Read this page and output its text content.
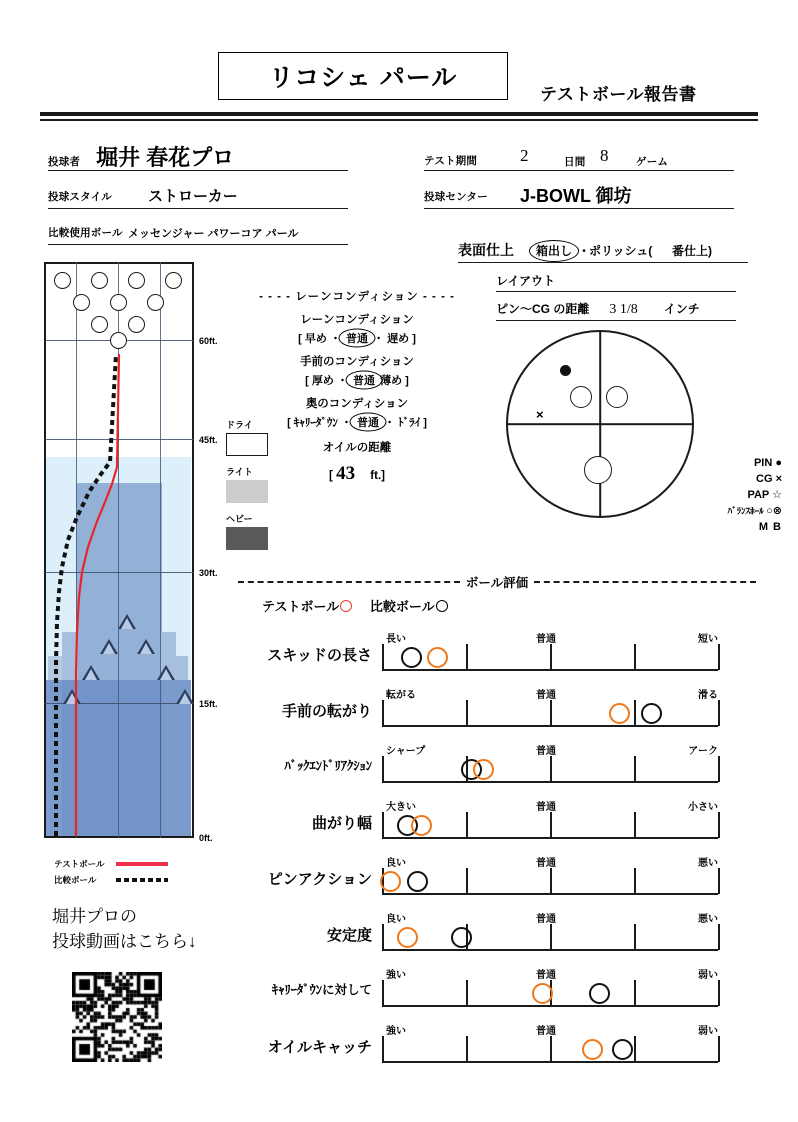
リコシェ パール
テストボール報告書
投球者 堀井 春花プロ
投球スタイル ストローカー
比較使用ボール メッセンジャー パワーコア パール
テスト期間	2	日間 8	ゲーム
投球センター J-BOWL 御坊
表面仕上 箱出し ・
ポリッシュ( 番仕上)
60ft.
45ft.
30ft.
15ft.
0ft.
ドライ
ライト
ヘビー
- - - - レーンコンディション - - - -
レーンコンディション
[ 早め ・ 普通 ・ 遅め ]
手前のコンディション
[ 厚め ・ 普通 薄め ]
奥のコンディション
[ ｷｬﾘｰﾀﾞｳﾝ ・ 普通 ・ ﾄﾞﾗｲ ]
オイルの距離
[ 43 ft.]
レイアウト
ピン～CG の距離 3 1/8 インチ
×
PIN ●
CG ×
PAP ☆
ﾊﾞﾗﾝｽﾎｰﾙ ○⊗
M B
ボール評価
テストボール 比較ボール
スキッドの長さ
長い	普通	短い
手前の転がり
転がる	普通	滑る
ﾊﾞｯｸｴﾝﾄﾞﾘｱｸｼｮﾝ
シャープ	普通	アーク
曲がり幅
大きい	普通	小さい
ピンアクション
良い	普通	悪い
安定度
良い	普通	悪い
ｷｬﾘｰﾀﾞｳﾝに対して
強い	普通	弱い
オイルキャッチ
強い	普通	弱い
テストボール
比較ボール
堀井プロの
投球動画はこちら↓
